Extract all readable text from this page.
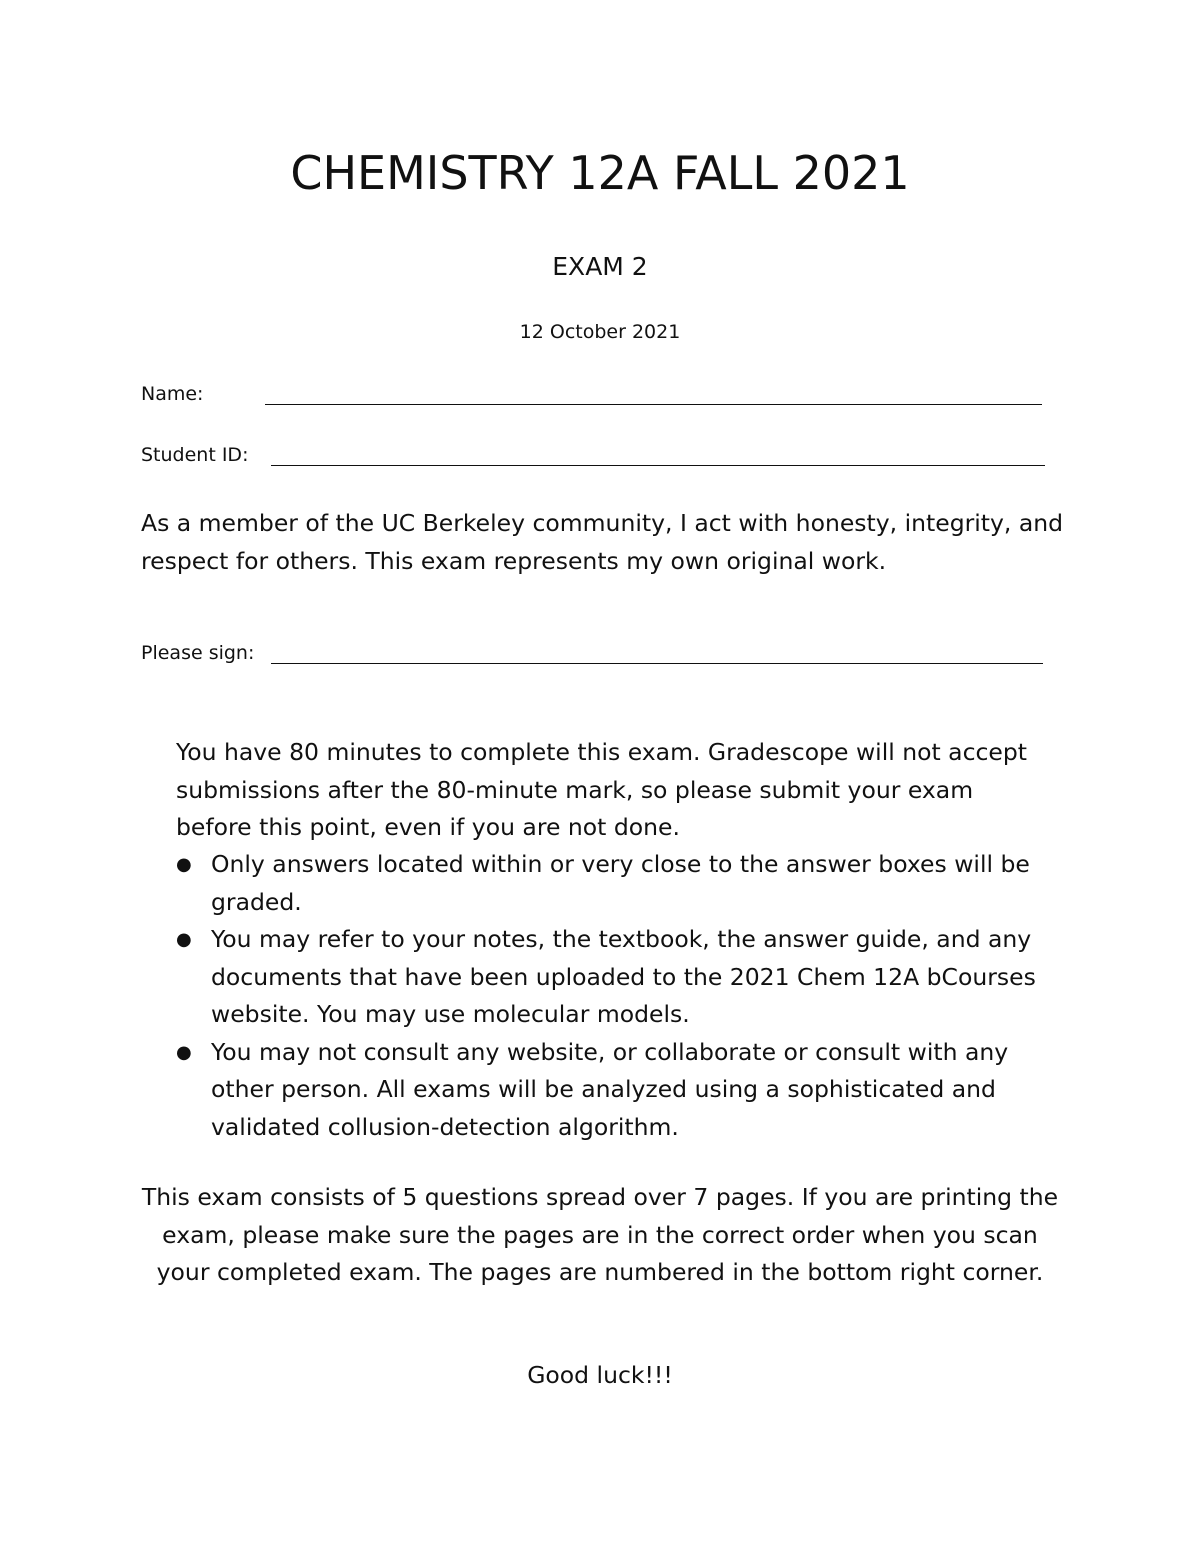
CHEMISTRY 12A FALL 2021
EXAM 2
12 October 2021
Name:
Student ID:

As a member of the UC Berkeley community, I act with honesty, integrity, and respect for others. This exam represents my own original work.

Please sign:

You have 80 minutes to complete this exam. Gradescope will not accept submissions after the 80-minute mark, so please submit your exam before this point, even if you are not done.

● Only answers located within or very close to the answer boxes will be graded.
● You may refer to your notes, the textbook, the answer guide, and any documents that have been uploaded to the 2021 Chem 12A bCourses website. You may use molecular models.
● You may not consult any website, or collaborate or consult with any other person. All exams will be analyzed using a sophisticated and validated collusion-detection algorithm.

This exam consists of 5 questions spread over 7 pages. If you are printing the exam, please make sure the pages are in the correct order when you scan your completed exam. The pages are numbered in the bottom right corner.

Good luck!!!
